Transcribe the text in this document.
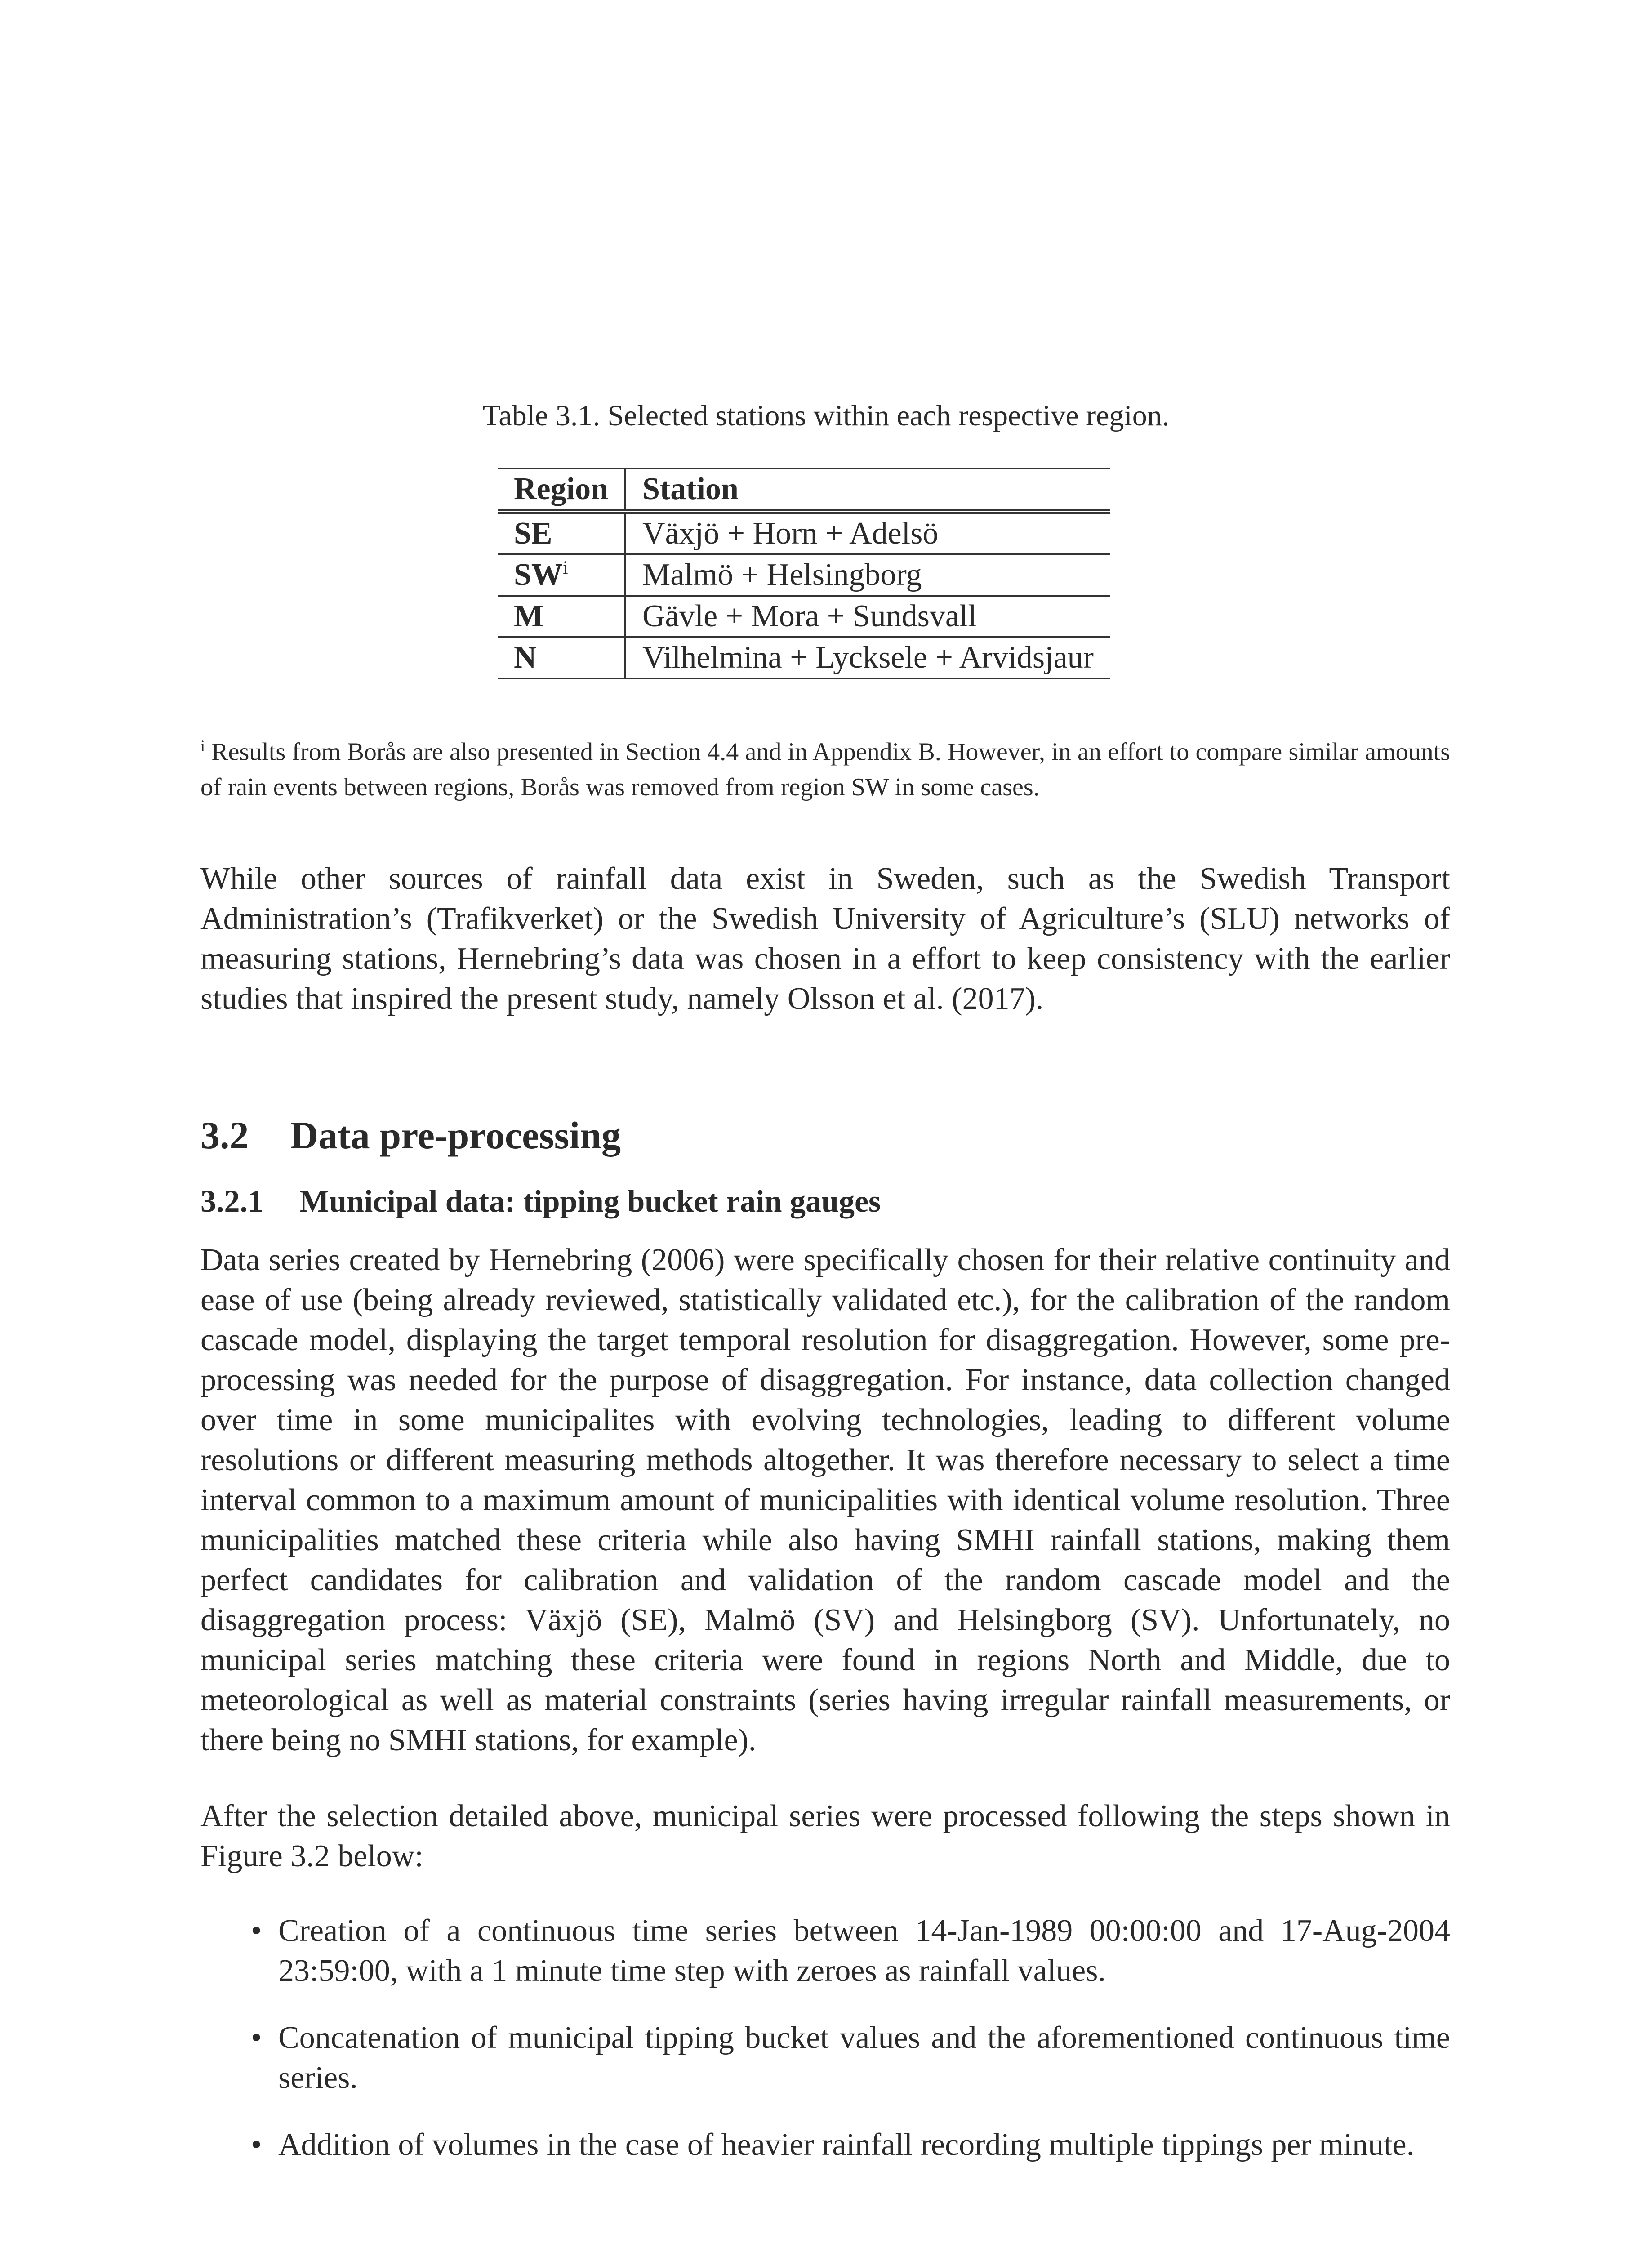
Table 3.1. Selected stations within each respective region.
Region	Station
SE	Växjö + Horn + Adelsö
$SW^i$	Malmö + Helsingborg
M	Gävle + Mora + Sundsvall
N	Vilhelmina + Lycksele + Arvidsjaur
$^i$ Results from Borås are also presented in Section 4.4 and in Appendix B. However, in an effort to compare similar amounts of rain events between regions, Borås was removed from region SW in some cases.

While other sources of rainfall data exist in Sweden, such as the Swedish Transport Administration’s (Trafikverket) or the Swedish University of Agriculture’s (SLU) networks of measuring stations, Hernebring’s data was chosen in a effort to keep consistency with the earlier studies that inspired the present study, namely Olsson et al. (2017).

3.2 Data pre-processing
3.2.1 Municipal data: tipping bucket rain gauges

Data series created by Hernebring (2006) were specifically chosen for their relative continuity and ease of use (being already reviewed, statistically validated etc.), for the calibration of the random cascade model, displaying the target temporal resolution for disaggregation. However, some pre-processing was needed for the purpose of disaggregation. For instance, data collection changed over time in some municipalites with evolving technologies, leading to different volume resolutions or different measuring methods altogether. It was therefore necessary to select a time interval common to a maximum amount of municipalities with identical volume resolution. Three municipalities matched these criteria while also having SMHI rainfall stations, making them perfect candidates for calibration and validation of the random cascade model and the disaggregation process: Växjö (SE), Malmö (SV) and Helsingborg (SV). Unfortunately, no municipal series matching these criteria were found in regions North and Middle, due to meteorological as well as material constraints (series having irregular rainfall measurements, or there being no SMHI stations, for example).

After the selection detailed above, municipal series were processed following the steps shown in Figure 3.2 below:

• Creation of a continuous time series between 14-Jan-1989 00:00:00 and 17-Aug-2004 23:59:00, with a 1 minute time step with zeroes as rainfall values.
• Concatenation of municipal tipping bucket values and the aforementioned continuous time series.
• Addition of volumes in the case of heavier rainfall recording multiple tippings per minute.
